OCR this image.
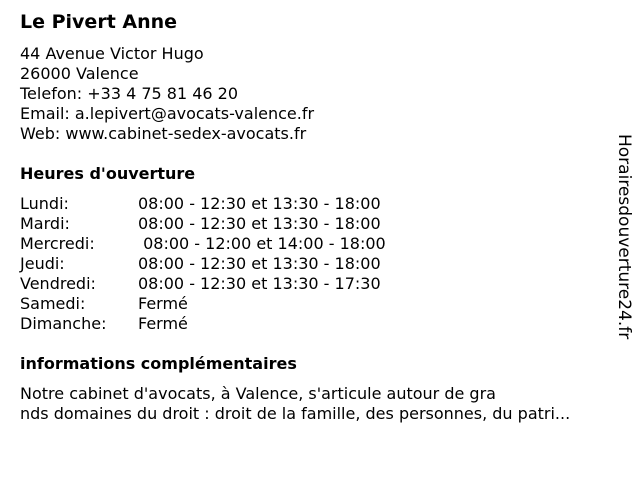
Le Pivert Anne
44 Avenue Victor Hugo
26000 Valence
Telefon: +33 4 75 81 46 20
Email: a.lepivert@avocats-valence.fr
Web: www.cabinet-sedex-avocats.fr
Heures d'ouverture
Lundi:	08:00 - 12:30 et 13:30 - 18:00
Mardi:	08:00 - 12:30 et 13:30 - 18:00
Mercredi:	08:00 - 12:00 et 14:00 - 18:00
Jeudi:	08:00 - 12:30 et 13:30 - 18:00
Vendredi:	08:00 - 12:30 et 13:30 - 17:30
Samedi:	Fermé
Dimanche: Fermé
informations complémentaires
Notre cabinet d'avocats, à Valence, s'articule autour de gra
nds domaines du droit : droit de la famille, des personnes, du patri...
Horairesdouverture24.fr
